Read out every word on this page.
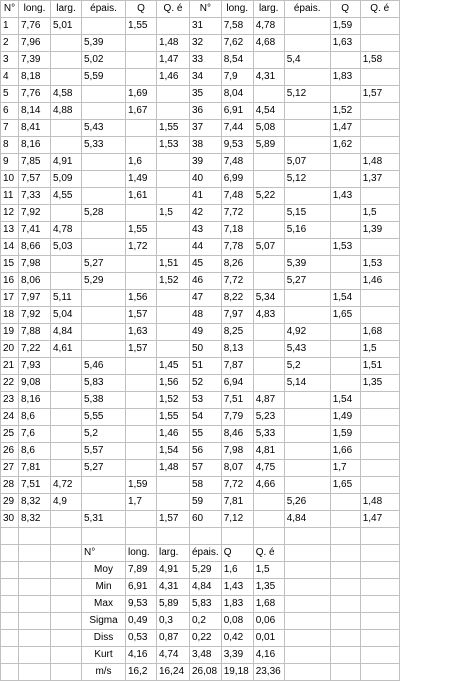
N°	long.	larg.	épais.	Q	Q. é	N°	long.	larg.	épais.	Q	Q. é
1	7,76	5,01		1,55		31	7,58	4,78		1,59	
2	7,96		5,39		1,48	32	7,62	4,68		1,63	
3	7,39		5,02		1,47	33	8,54		5,4		1,58
4	8,18		5,59		1,46	34	7,9	4,31		1,83	
5	7,76	4,58		1,69		35	8,04		5,12		1,57
6	8,14	4,88		1,67		36	6,91	4,54		1,52	
7	8,41		5,43		1,55	37	7,44	5,08		1,47	
8	8,16		5,33		1,53	38	9,53	5,89		1,62	
9	7,85	4,91		1,6		39	7,48		5,07		1,48
10	7,57	5,09		1,49		40	6,99		5,12		1,37
11	7,33	4,55		1,61		41	7,48	5,22		1,43	
12	7,92		5,28		1,5	42	7,72		5,15		1,5
13	7,41	4,78		1,55		43	7,18		5,16		1,39
14	8,66	5,03		1,72		44	7,78	5,07		1,53	
15	7,98		5,27		1,51	45	8,26		5,39		1,53
16	8,06		5,29		1,52	46	7,72		5,27		1,46
17	7,97	5,11		1,56		47	8,22	5,34		1,54	
18	7,92	5,04		1,57		48	7,97	4,83		1,65	
19	7,88	4,84		1,63		49	8,25		4,92		1,68
20	7,22	4,61		1,57		50	8,13		5,43		1,5
21	7,93		5,46		1,45	51	7,87		5,2		1,51
22	9,08		5,83		1,56	52	6,94		5,14		1,35
23	8,16		5,38		1,52	53	7,51	4,87		1,54	
24	8,6		5,55		1,55	54	7,79	5,23		1,49	
25	7,6		5,2		1,46	55	8,46	5,33		1,59	
26	8,6		5,57		1,54	56	7,98	4,81		1,66	
27	7,81		5,27		1,48	57	8,07	4,75		1,7	
28	7,51	4,72		1,59		58	7,72	4,66		1,65	
29	8,32	4,9		1,7		59	7,81		5,26		1,48
30	8,32		5,31		1,57	60	7,12		4,84		1,47

			N°	long.	larg.	épais.	Q	Q. é			
			Moy	7,89	4,91	5,29	1,6	1,5			
			Min	6,91	4,31	4,84	1,43	1,35			
			Max	9,53	5,89	5,83	1,83	1,68			
			Sigma	0,49	0,3	0,2	0,08	0,06			
			Diss	0,53	0,87	0,22	0,42	0,01			
			Kurt	4,16	4,74	3,48	3,39	4,16			
			m/s	16,2	16,24	26,08	19,18	23,36			
